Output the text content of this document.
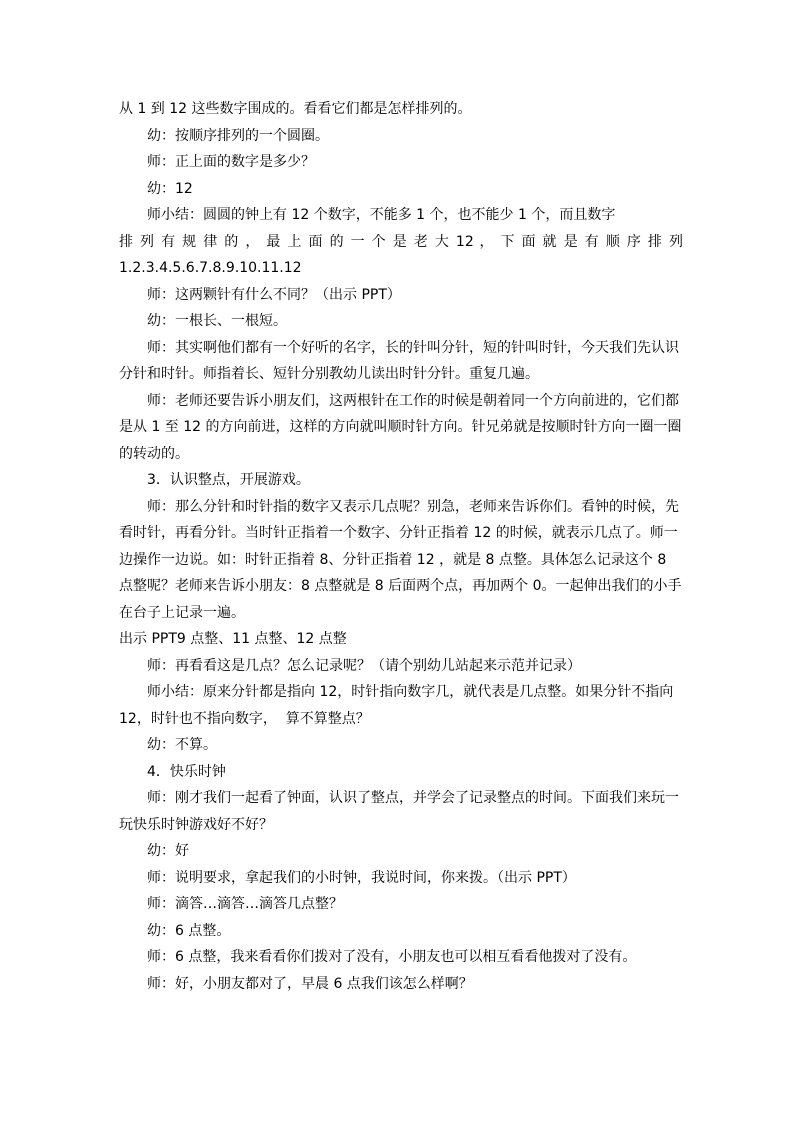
从 1 到 12 这些数字围成的。看看它们都是怎样排列的。

幼：按顺序排列的一个圆圈。

师：正上面的数字是多少？

幼：12

师小结：圆圆的钟上有 12 个数字，不能多 1 个，也不能少 1 个，而且数字

排 列 有 规 律 的 ， 最 上 面 的 一 个 是 老 大 12 ， 下 面 就 是 有 顺 序 排 列

1.2.3.4.5.6.7.8.9.10.11.12

师：这两颗针有什么不同？（出示 PPT）

幼：一根长、一根短。

师：其实啊他们都有一个好听的名字，长的针叫分针，短的针叫时针，今天我们先认识分针和时针。师指着长、短针分别教幼儿读出时针分针。重复几遍。

师：老师还要告诉小朋友们，这两根针在工作的时候是朝着同一个方向前进的，它们都是从 1 至 12 的方向前进，这样的方向就叫顺时针方向。针兄弟就是按顺时针方向一圈一圈的转动的。

3．认识整点，开展游戏。

师：那么分针和时针指的数字又表示几点呢？别急，老师来告诉你们。看钟的时候，先看时针，再看分针。当时针正指着一个数字、分针正指着 12 的时候，就表示几点了。师一边操作一边说。如：时针正指着 8、分针正指着 12 ，就是 8 点整。具体怎么记录这个 8 点整呢？老师来告诉小朋友：8 点整就是 8 后面两个点，再加两个 0。一起伸出我们的小手在台子上记录一遍。

出示 PPT9 点整、11 点整、12 点整

师：再看看这是几点？怎么记录呢？（请个别幼儿站起来示范并记录）

师小结：原来分针都是指向 12，时针指向数字几，就代表是几点整。如果分针不指向 12，时针也不指向数字，  算不算整点？

幼：不算。

4．快乐时钟

师：刚才我们一起看了钟面，认识了整点，并学会了记录整点的时间。下面我们来玩一玩快乐时钟游戏好不好？

幼：好

师：说明要求，拿起我们的小时钟，我说时间，你来拨。（出示 PPT）

师：滴答…滴答…滴答几点整？

幼：6 点整。

师：6 点整，我来看看你们拨对了没有，小朋友也可以相互看看他拨对了没有。

师：好，小朋友都对了，早晨 6 点我们该怎么样啊？
